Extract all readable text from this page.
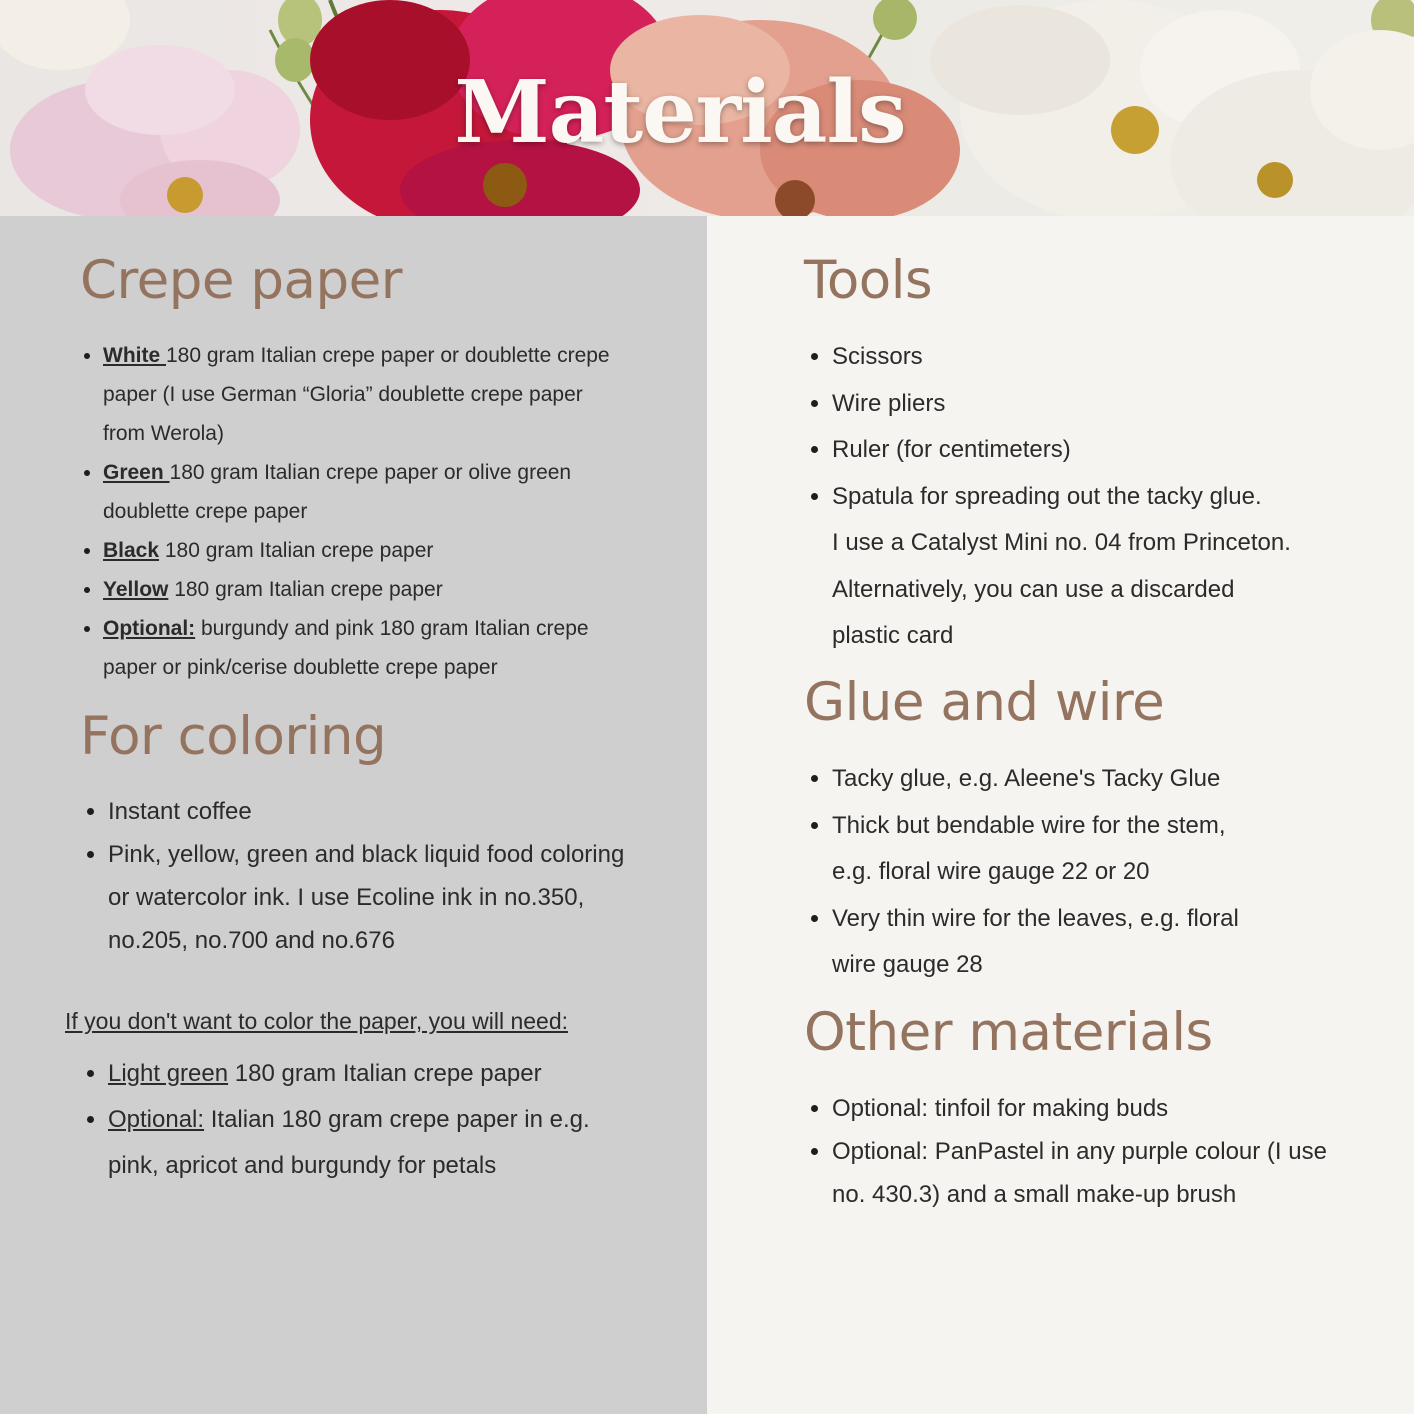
Materials
Crepe paper
• White 180 gram Italian crepe paper or doublette crepe paper (I use German “Gloria” doublette crepe paper from Werola)
• Green 180 gram Italian crepe paper or olive green doublette crepe paper
• Black 180 gram Italian crepe paper
• Yellow 180 gram Italian crepe paper
• Optional: burgundy and pink 180 gram Italian crepe paper or pink/cerise doublette crepe paper
For coloring
• Instant coffee
• Pink, yellow, green and black liquid food coloring or watercolor ink. I use Ecoline ink in no.350, no.205, no.700 and no.676

If you don't want to color the paper, you will need:

• Light green 180 gram Italian crepe paper
• Optional: Italian 180 gram crepe paper in e.g. pink, apricot and burgundy for petals
Tools
• Scissors
• Wire pliers
• Ruler (for centimeters)
• Spatula for spreading out the tacky glue.
I use a Catalyst Mini no. 04 from Princeton.
Alternatively, you can use a discarded
plastic card
Glue and wire
• Tacky glue, e.g. Aleene's Tacky Glue
• Thick but bendable wire for the stem,
e.g. floral wire gauge 22 or 20
• Very thin wire for the leaves, e.g. floral
wire gauge 28
Other materials
• Optional: tinfoil for making buds
• Optional: PanPastel in any purple colour (I use no. 430.3) and a small make-up brush
